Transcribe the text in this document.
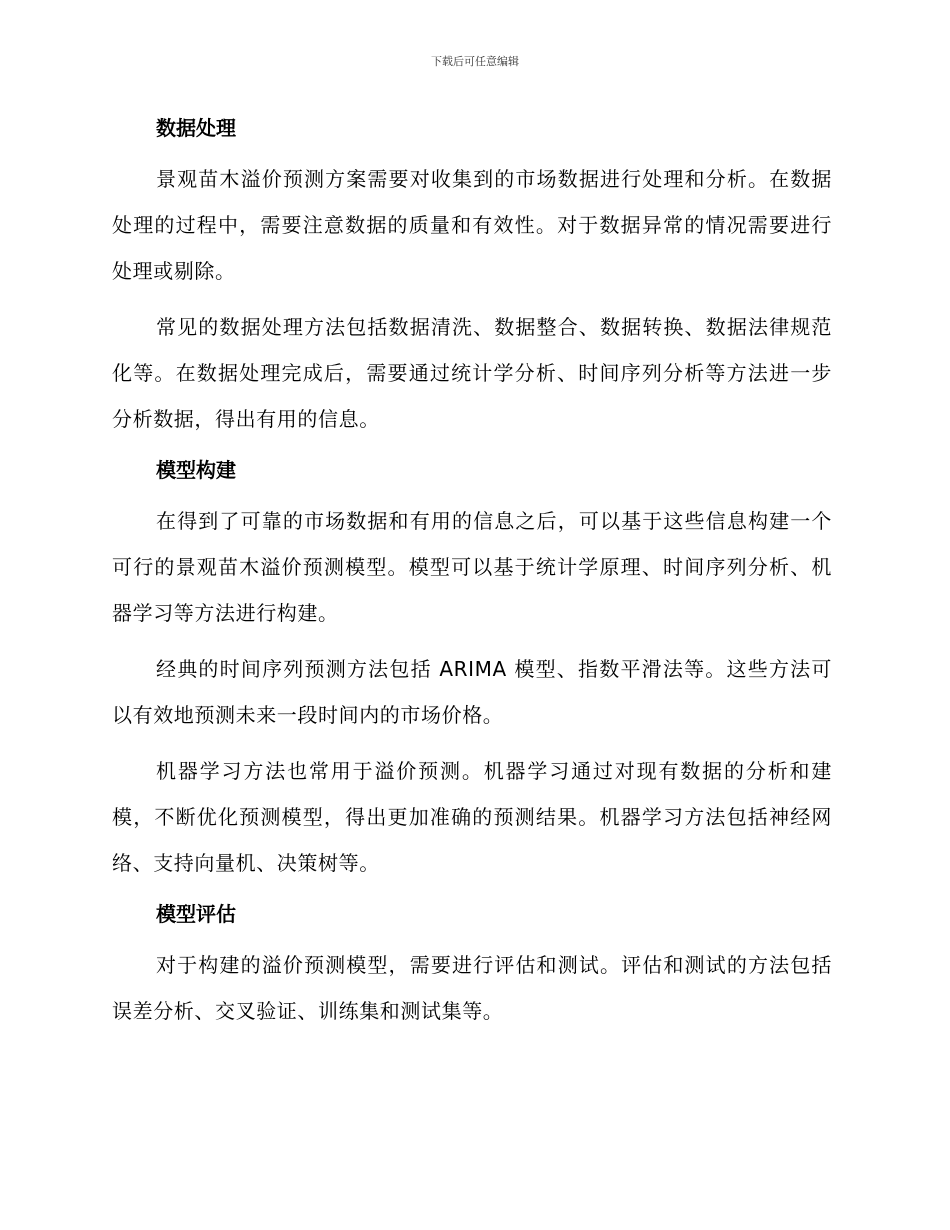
下载后可任意编辑

数据处理

景观苗木溢价预测方案需要对收集到的市场数据进行处理和分析。在数据处理的过程中，需要注意数据的质量和有效性。对于数据异常的情况需要进行处理或剔除。

常见的数据处理方法包括数据清洗、数据整合、数据转换、数据法律规范化等。在数据处理完成后，需要通过统计学分析、时间序列分析等方法进一步分析数据，得出有用的信息。

模型构建

在得到了可靠的市场数据和有用的信息之后，可以基于这些信息构建一个可行的景观苗木溢价预测模型。模型可以基于统计学原理、时间序列分析、机器学习等方法进行构建。

经典的时间序列预测方法包括 ARIMA 模型、指数平滑法等。这些方法可以有效地预测未来一段时间内的市场价格。

机器学习方法也常用于溢价预测。机器学习通过对现有数据的分析和建模，不断优化预测模型，得出更加准确的预测结果。机器学习方法包括神经网络、支持向量机、决策树等。

模型评估

对于构建的溢价预测模型，需要进行评估和测试。评估和测试的方法包括误差分析、交叉验证、训练集和测试集等。
